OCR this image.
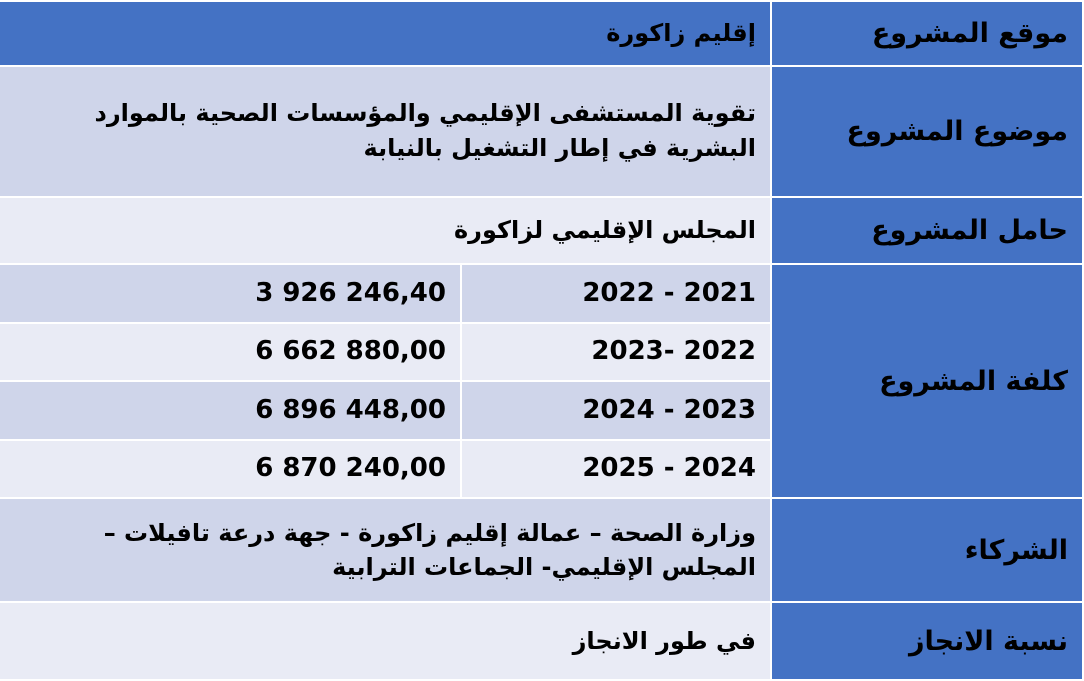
موقع المشروع	إقليم زاكورة	
موضوع المشروع	تقوية المستشفى الإقليمي والمؤسسات الصحية بالموارد البشرية في إطار التشغيل بالنيابة	
حامل المشروع	المجلس الإقليمي لزاكورة	
كلفة المشروع	2021 - 2022	3 926 246,40
	2022 -2023	6 662 880,00
	2023 - 2024	6 896 448,00
	2024 - 2025	6 870 240,00
الشركاء	وزارة الصحة – عمالة إقليم زاكورة - جهة درعة تافيلات – المجلس الإقليمي- الجماعات الترابية	
نسبة الانجاز	في طور الانجاز	
